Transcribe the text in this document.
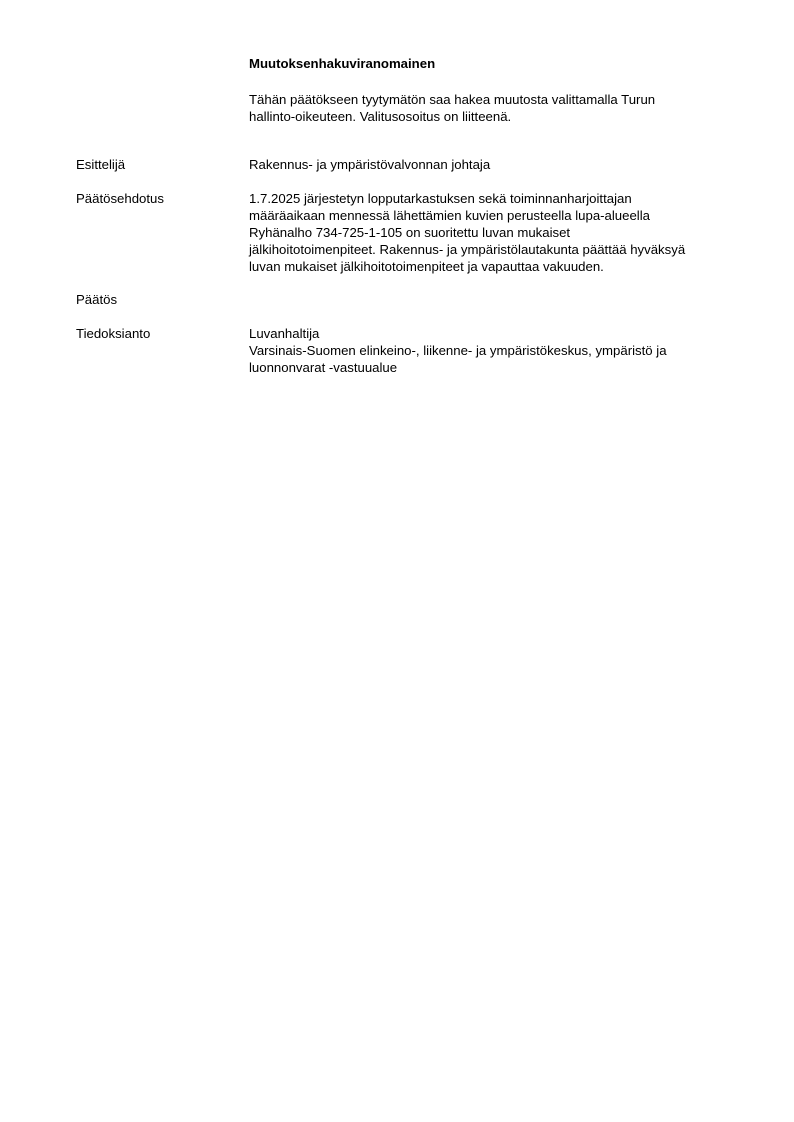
Muutoksenhakuviranomainen

Tähän päätökseen tyytymätön saa hakea muutosta valittamalla Turun
hallinto-oikeuteen. Valitusosoitus on liitteenä.

Esittelijä	Rakennus- ja ympäristövalvonnan johtaja
Päätösehdotus	1.7.2025 järjestetyn lopputarkastuksen sekä toiminnanharjoittajan
määräaikaan mennessä lähettämien kuvien perusteella lupa-alueella
Ryhänalho 734-725-1-105 on suoritettu luvan mukaiset
jälkihoitotoimenpiteet. Rakennus- ja ympäristölautakunta päättää hyväksyä
luvan mukaiset jälkihoitotoimenpiteet ja vapauttaa vakuuden.
Päätös
Tiedoksianto	Luvanhaltija
Varsinais-Suomen elinkeino-, liikenne- ja ympäristökeskus, ympäristö ja
luonnonvarat -vastuualue
